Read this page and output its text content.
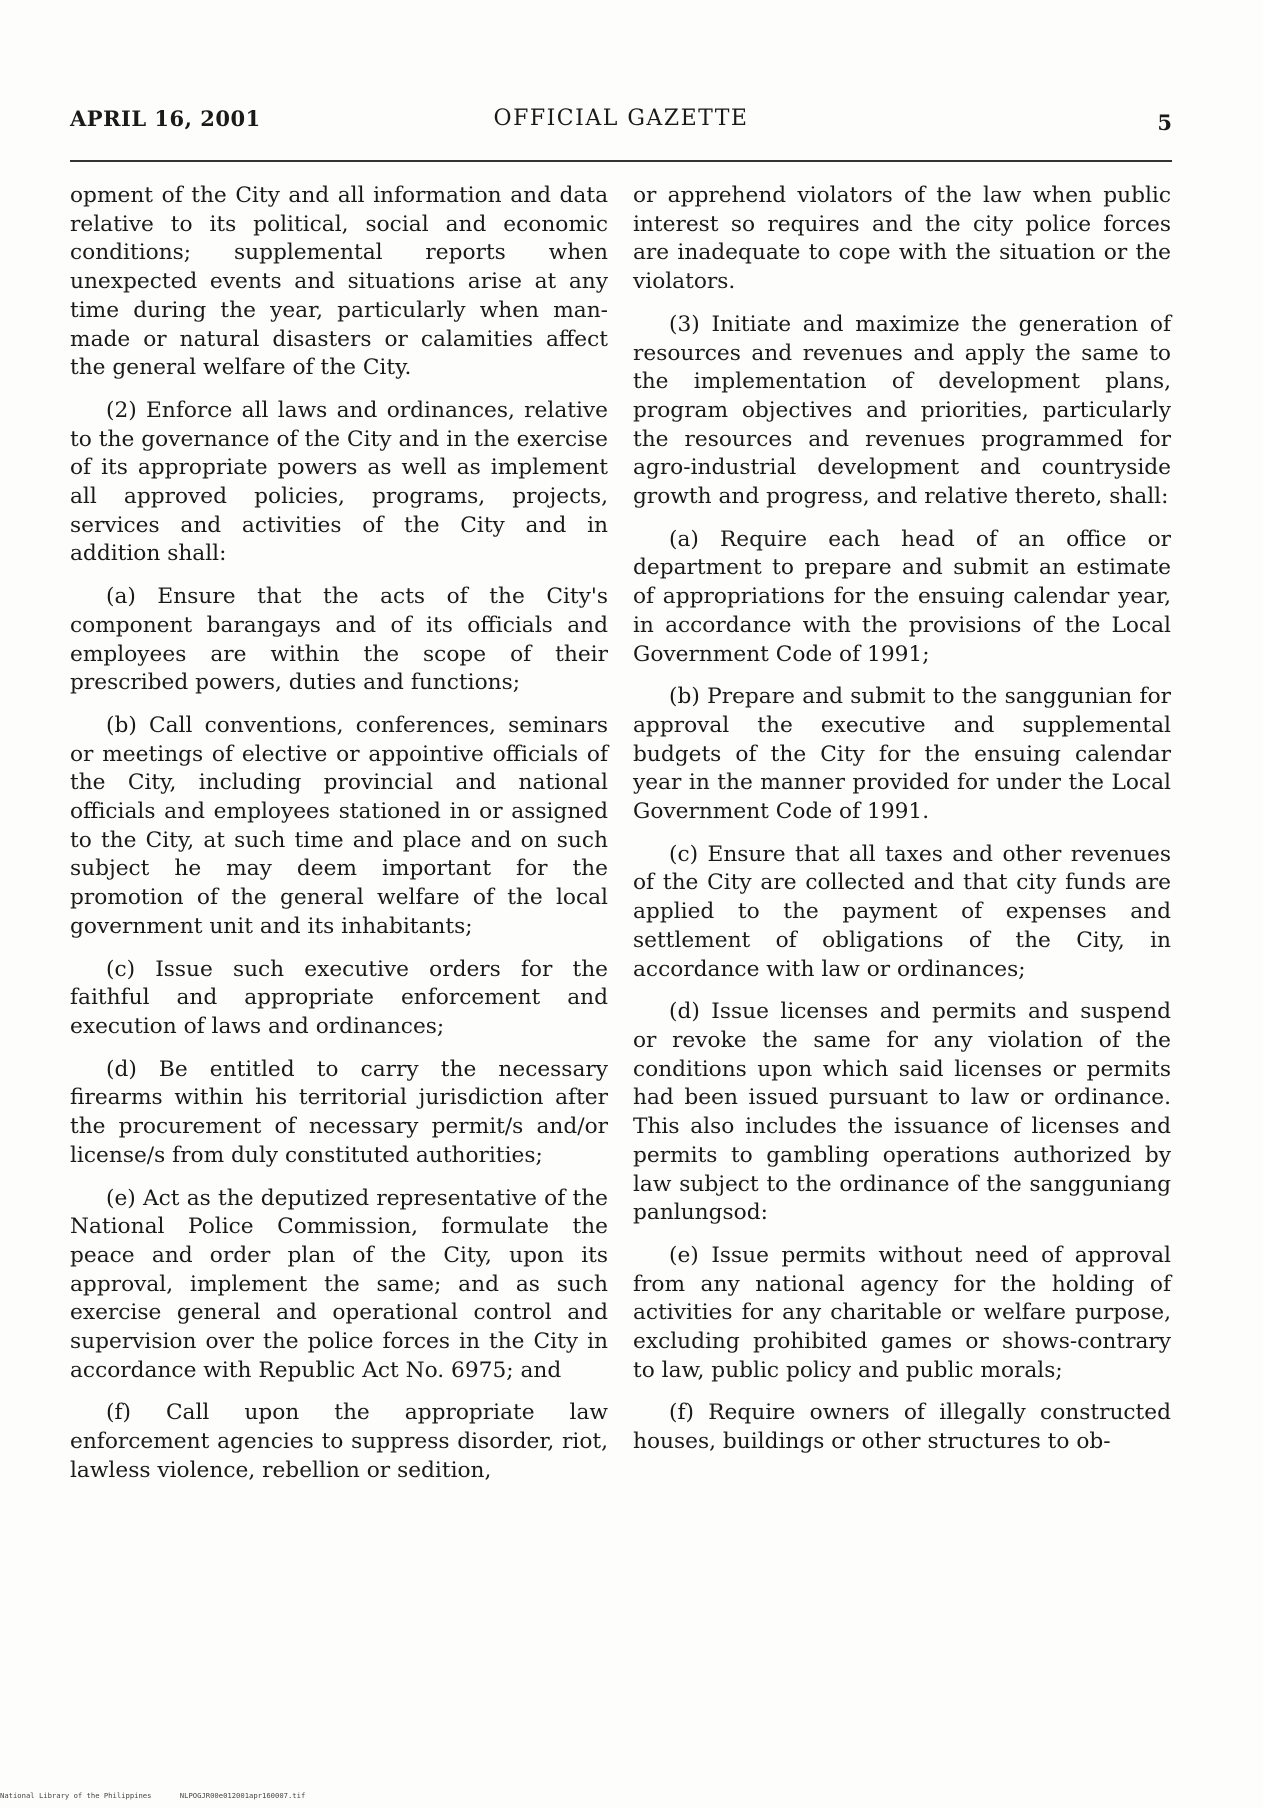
APRIL 16, 2001	OFFICIAL GAZETTE	5

opment of the City and all information and data relative to its political, social and economic conditions; supplemental reports when unexpected events and situations arise at any time during the year, particularly when man-made or natural disasters or calamities affect the general welfare of the City.

(2) Enforce all laws and ordinances, relative to the governance of the City and in the exercise of its appropriate powers as well as implement all approved policies, programs, projects, services and activities of the City and in addition shall:

(a) Ensure that the acts of the City's component barangays and of its officials and employees are within the scope of their prescribed powers, duties and functions;

(b) Call conventions, conferences, seminars or meetings of elective or appointive officials of the City, including provincial and national officials and employees stationed in or assigned to the City, at such time and place and on such subject he may deem important for the promotion of the general welfare of the local government unit and its inhabitants;

(c) Issue such executive orders for the faithful and appropriate enforcement and execution of laws and ordinances;

(d) Be entitled to carry the necessary firearms within his territorial jurisdiction after the procurement of necessary permit/s and/or license/s from duly constituted authorities;

(e) Act as the deputized representative of the National Police Commission, formulate the peace and order plan of the City, upon its approval, implement the same; and as such exercise general and operational control and supervision over the police forces in the City in accordance with Republic Act No. 6975; and

(f) Call upon the appropriate law enforcement agencies to suppress disorder, riot, lawless violence, rebellion or sedition,

or apprehend violators of the law when public interest so requires and the city police forces are inadequate to cope with the situation or the violators.

(3) Initiate and maximize the generation of resources and revenues and apply the same to the implementation of development plans, program objectives and priorities, particularly the resources and revenues programmed for agro-industrial development and countryside growth and progress, and relative thereto, shall:

(a) Require each head of an office or department to prepare and submit an estimate of appropriations for the ensuing calendar year, in accordance with the provisions of the Local Government Code of 1991;

(b) Prepare and submit to the sanggunian for approval the executive and supplemental budgets of the City for the ensuing calendar year in the manner provided for under the Local Government Code of 1991.

(c) Ensure that all taxes and other revenues of the City are collected and that city funds are applied to the payment of expenses and settlement of obligations of the City, in accordance with law or ordinances;

(d) Issue licenses and permits and suspend or revoke the same for any violation of the conditions upon which said licenses or permits had been issued pursuant to law or ordinance. This also includes the issuance of licenses and permits to gambling operations authorized by law subject to the ordinance of the sangguniang panlungsod:

(e) Issue permits without need of approval from any national agency for the holding of activities for any charitable or welfare purpose, excluding prohibited games or shows-contrary to law, public policy and public morals;

(f) Require owners of illegally constructed houses, buildings or other structures to ob-

National Library of the Philippines	NLPOGJR00e012001apr160007.tif
